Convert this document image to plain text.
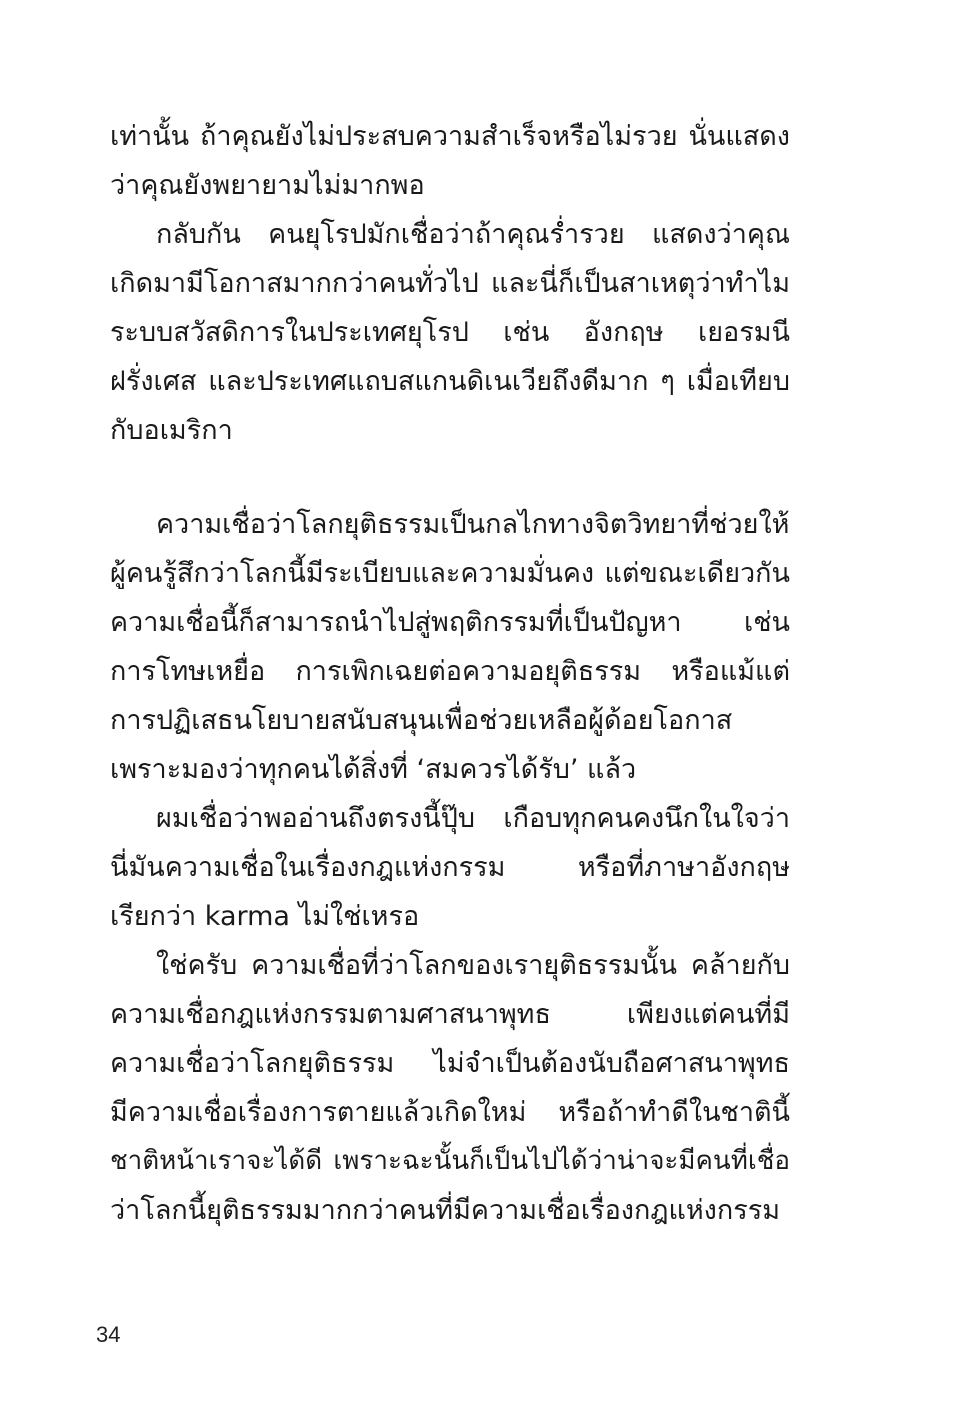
เท่านั้น ถ้าคุณยังไม่ประสบความสำเร็จหรือไม่รวย นั่นแสดง
ว่าคุณยังพยายามไม่มากพอ
กลับกัน คนยุโรปมักเชื่อว่าถ้าคุณร่ำรวย แสดงว่าคุณ
เกิดมามีโอกาสมากกว่าคนทั่วไป และนี่ก็เป็นสาเหตุว่าทำไม
ระบบสวัสดิการในประเทศยุโรป เช่น อังกฤษ เยอรมนี
ฝรั่งเศส และประเทศแถบสแกนดิเนเวียถึงดีมาก ๆ เมื่อเทียบ
กับอเมริกา
ความเชื่อว่าโลกยุติธรรมเป็นกลไกทางจิตวิทยาที่ช่วยให้
ผู้คนรู้สึกว่าโลกนี้มีระเบียบและความมั่นคง แต่ขณะเดียวกัน
ความเชื่อนี้ก็สามารถนำไปสู่พฤติกรรมที่เป็นปัญหา เช่น
การโทษเหยื่อ การเพิกเฉยต่อความอยุติธรรม หรือแม้แต่
การปฏิเสธนโยบายสนับสนุนเพื่อช่วยเหลือผู้ด้อยโอกาส
เพราะมองว่าทุกคนได้สิ่งที่ ‘สมควรได้รับ’ แล้ว
ผมเชื่อว่าพออ่านถึงตรงนี้ปุ๊บ เกือบทุกคนคงนึกในใจว่า
นี่มันความเชื่อในเรื่องกฎแห่งกรรม หรือที่ภาษาอังกฤษ
เรียกว่า karma ไม่ใช่เหรอ
ใช่ครับ ความเชื่อที่ว่าโลกของเรายุติธรรมนั้น คล้ายกับ
ความเชื่อกฎแห่งกรรมตามศาสนาพุทธ เพียงแต่คนที่มี
ความเชื่อว่าโลกยุติธรรม ไม่จำเป็นต้องนับถือศาสนาพุทธ
มีความเชื่อเรื่องการตายแล้วเกิดใหม่ หรือถ้าทำดีในชาตินี้
ชาติหน้าเราจะได้ดี เพราะฉะนั้นก็เป็นไปได้ว่าน่าจะมีคนที่เชื่อ
ว่าโลกนี้ยุติธรรมมากกว่าคนที่มีความเชื่อเรื่องกฎแห่งกรรม
34
